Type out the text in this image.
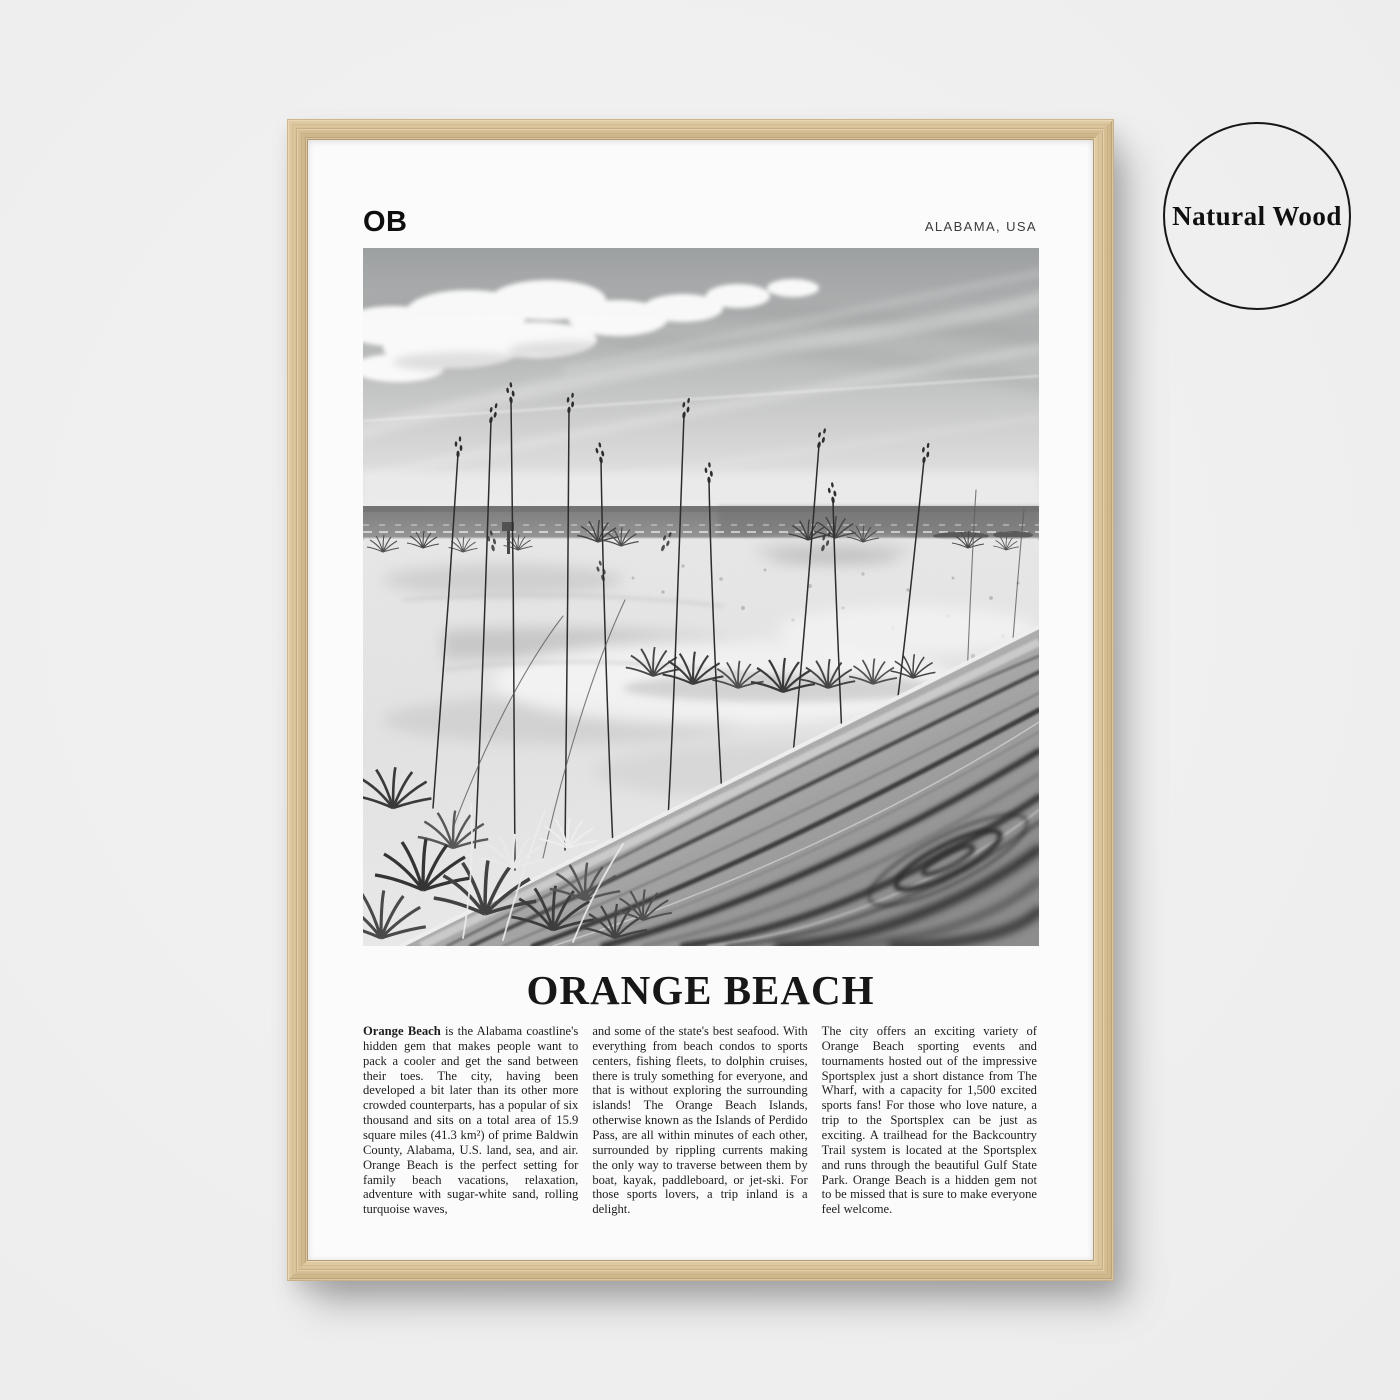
Natural Wood
OB	ALABAMA, USA
ORANGE BEACH

Orange Beach is the Alabama coastline's hidden gem that makes people want to pack a cooler and get the sand between their toes. The city, having been developed a bit later than its other more crowded counterparts, has a popular of six thousand and sits on a total area of 15.9 square miles (41.3 km²) of prime Baldwin County, Alabama, U.S. land, sea, and air. Orange Beach is the perfect setting for family beach vacations, relaxation, adventure with sugar-white sand, rolling turquoise waves,

and some of the state's best seafood. With everything from beach condos to sports centers, fishing fleets, to dolphin cruises, there is truly something for everyone, and that is without exploring the surrounding islands! The Orange Beach Islands, otherwise known as the Islands of Perdido Pass, are all within minutes of each other, surrounded by rippling currents making the only way to traverse between them by boat, kayak, paddleboard, or jet-ski. For those sports lovers, a trip inland is a delight.

The city offers an exciting variety of Orange Beach sporting events and tournaments hosted out of the impressive Sportsplex just a short distance from The Wharf, with a capacity for 1,500 excited sports fans! For those who love nature, a trip to the Sportsplex can be just as exciting. A trailhead for the Backcountry Trail system is located at the Sportsplex and runs through the beautiful Gulf State Park. Orange Beach is a hidden gem not to be missed that is sure to make everyone feel welcome.
